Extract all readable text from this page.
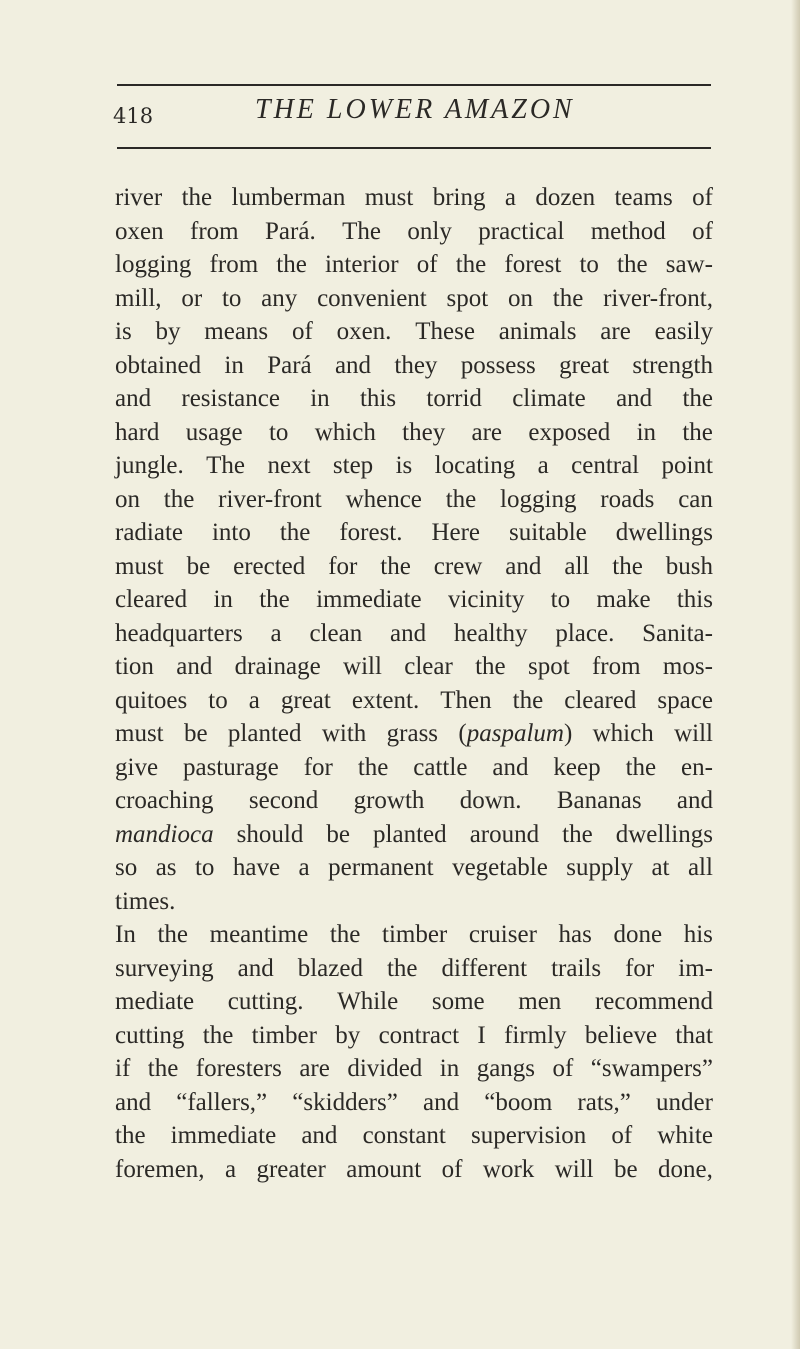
418	THE LOWER AMAZON

river the lumberman must bring a dozen teams of

oxen from Pará. The only practical method of

logging from the interior of the forest to the saw-

mill, or to any convenient spot on the river-front,

is by means of oxen. These animals are easily

obtained in Pará and they possess great strength

and resistance in this torrid climate and the

hard usage to which they are exposed in the

jungle. The next step is locating a central point

on the river-front whence the logging roads can

radiate into the forest. Here suitable dwellings

must be erected for the crew and all the bush

cleared in the immediate vicinity to make this

headquarters a clean and healthy place. Sanita-

tion and drainage will clear the spot from mos-

quitoes to a great extent. Then the cleared space

must be planted with grass (paspalum) which will

give pasturage for the cattle and keep the en-

croaching second growth down. Bananas and

mandioca should be planted around the dwellings

so as to have a permanent vegetable supply at all

times.

In the meantime the timber cruiser has done his

surveying and blazed the different trails for im-

mediate cutting. While some men recommend

cutting the timber by contract I firmly believe that

if the foresters are divided in gangs of “swampers”

and “fallers,” “skidders” and “boom rats,” under

the immediate and constant supervision of white

foremen, a greater amount of work will be done,
